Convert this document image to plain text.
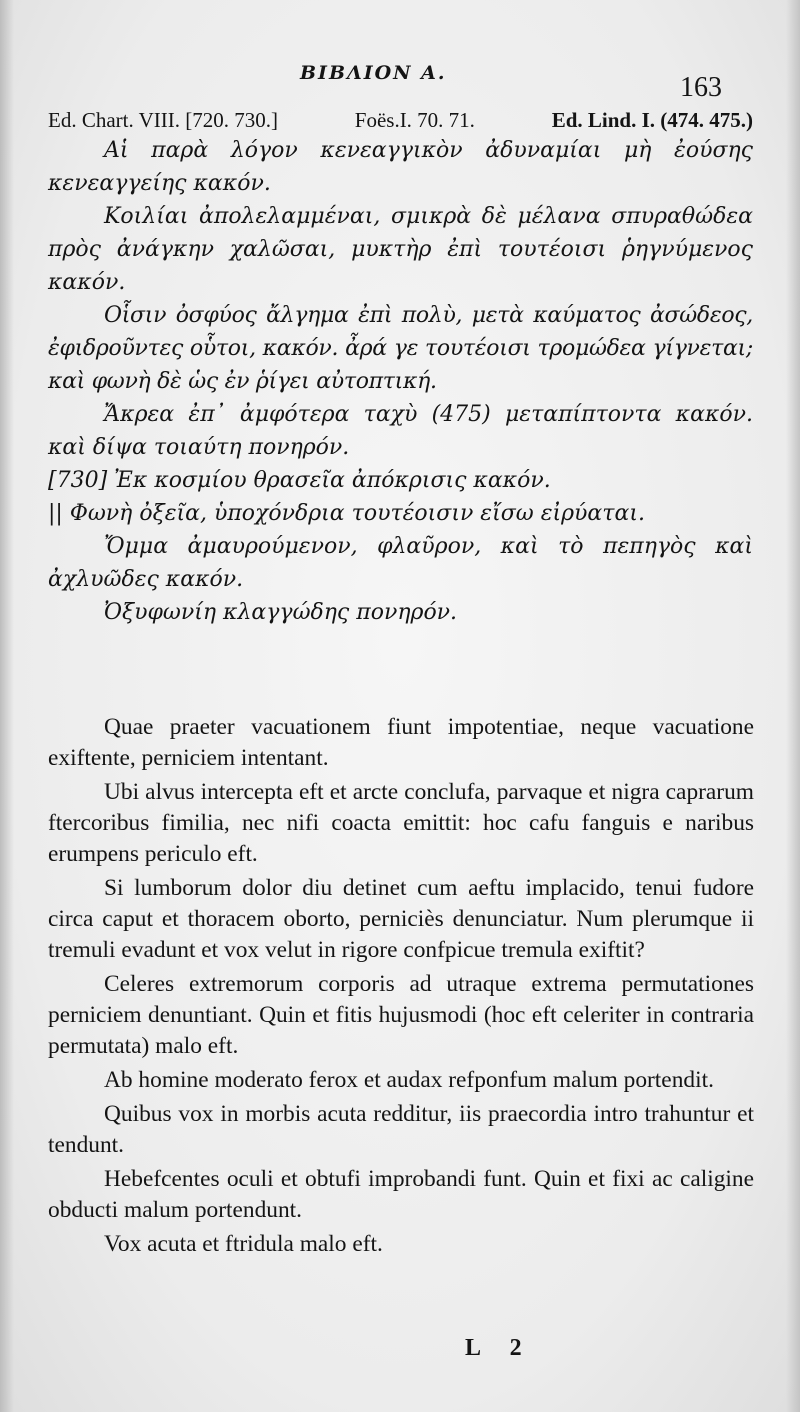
ΒΙΒΛΙΟΝ Α.	163
Ed. Chart. VIII. [720. 730.]	Foës.I. 70. 71.	Ed. Lind. I. (474. 475.)

Αἱ παρὰ λόγον κενεαγγικὸν ἀδυναμίαι μὴ ἐούσης κενεαγγείης κακόν.

Κοιλίαι ἀπολελαμμέναι, σμικρὰ δὲ μέλανα σπυραθώδεα πρὸς ἀνάγκην χαλῶσαι, μυκτὴρ ἐπὶ τουτέοισι ῥηγνύμενος κακόν.

Οἷσιν ὀσφύος ἄλγημα ἐπὶ πολὺ, μετὰ καύματος ἀσώδεος, ἐφιδροῦντες οὗτοι, κακόν. ἆρά γε τουτέοισι τρομώδεα γίγνεται; καὶ φωνὴ δὲ ὡς ἐν ῥίγει αὐτοπτική.

Ἄκρεα ἐπ᾽ ἀμφότερα ταχὺ (475) μεταπίπτοντα κακόν. καὶ δίψα τοιαύτη πονηρόν.

[730] Ἐκ κοσμίου θρασεῖα ἀπόκρισις κακόν.

|| Φωνὴ ὀξεῖα, ὑποχόνδρια τουτέοισιν εἴσω εἰρύαται.

Ὄμμα ἀμαυρούμενον, φλαῦρον, καὶ τὸ πεπηγὸς καὶ ἀχλυῶδες κακόν.

Ὀξυφωνίη κλαγγώδης πονηρόν.

Quae praeter vacuationem fiunt impotentiae, neque vacuatione exiftente, perniciem intentant.

Ubi alvus intercepta eft et arcte conclufa, parvaque et nigra caprarum ftercoribus fimilia, nec nifi coacta emittit: hoc cafu fanguis e naribus erumpens periculo eft.

Si lumborum dolor diu detinet cum aeftu implacido, tenui fudore circa caput et thoracem oborto, perniciès denunciatur. Num plerumque ii tremuli evadunt et vox velut in rigore confpicue tremula exiftit?

Celeres extremorum corporis ad utraque extrema permutationes perniciem denuntiant. Quin et fitis hujusmodi (hoc eft celeriter in contraria permutata) malo eft.

Ab homine moderato ferox et audax refponfum malum portendit.

Quibus vox in morbis acuta redditur, iis praecordia intro trahuntur et tendunt.

Hebefcentes oculi et obtufi improbandi funt. Quin et fixi ac caligine obducti malum portendunt.

Vox acuta et ftridula malo eft.

L 2
